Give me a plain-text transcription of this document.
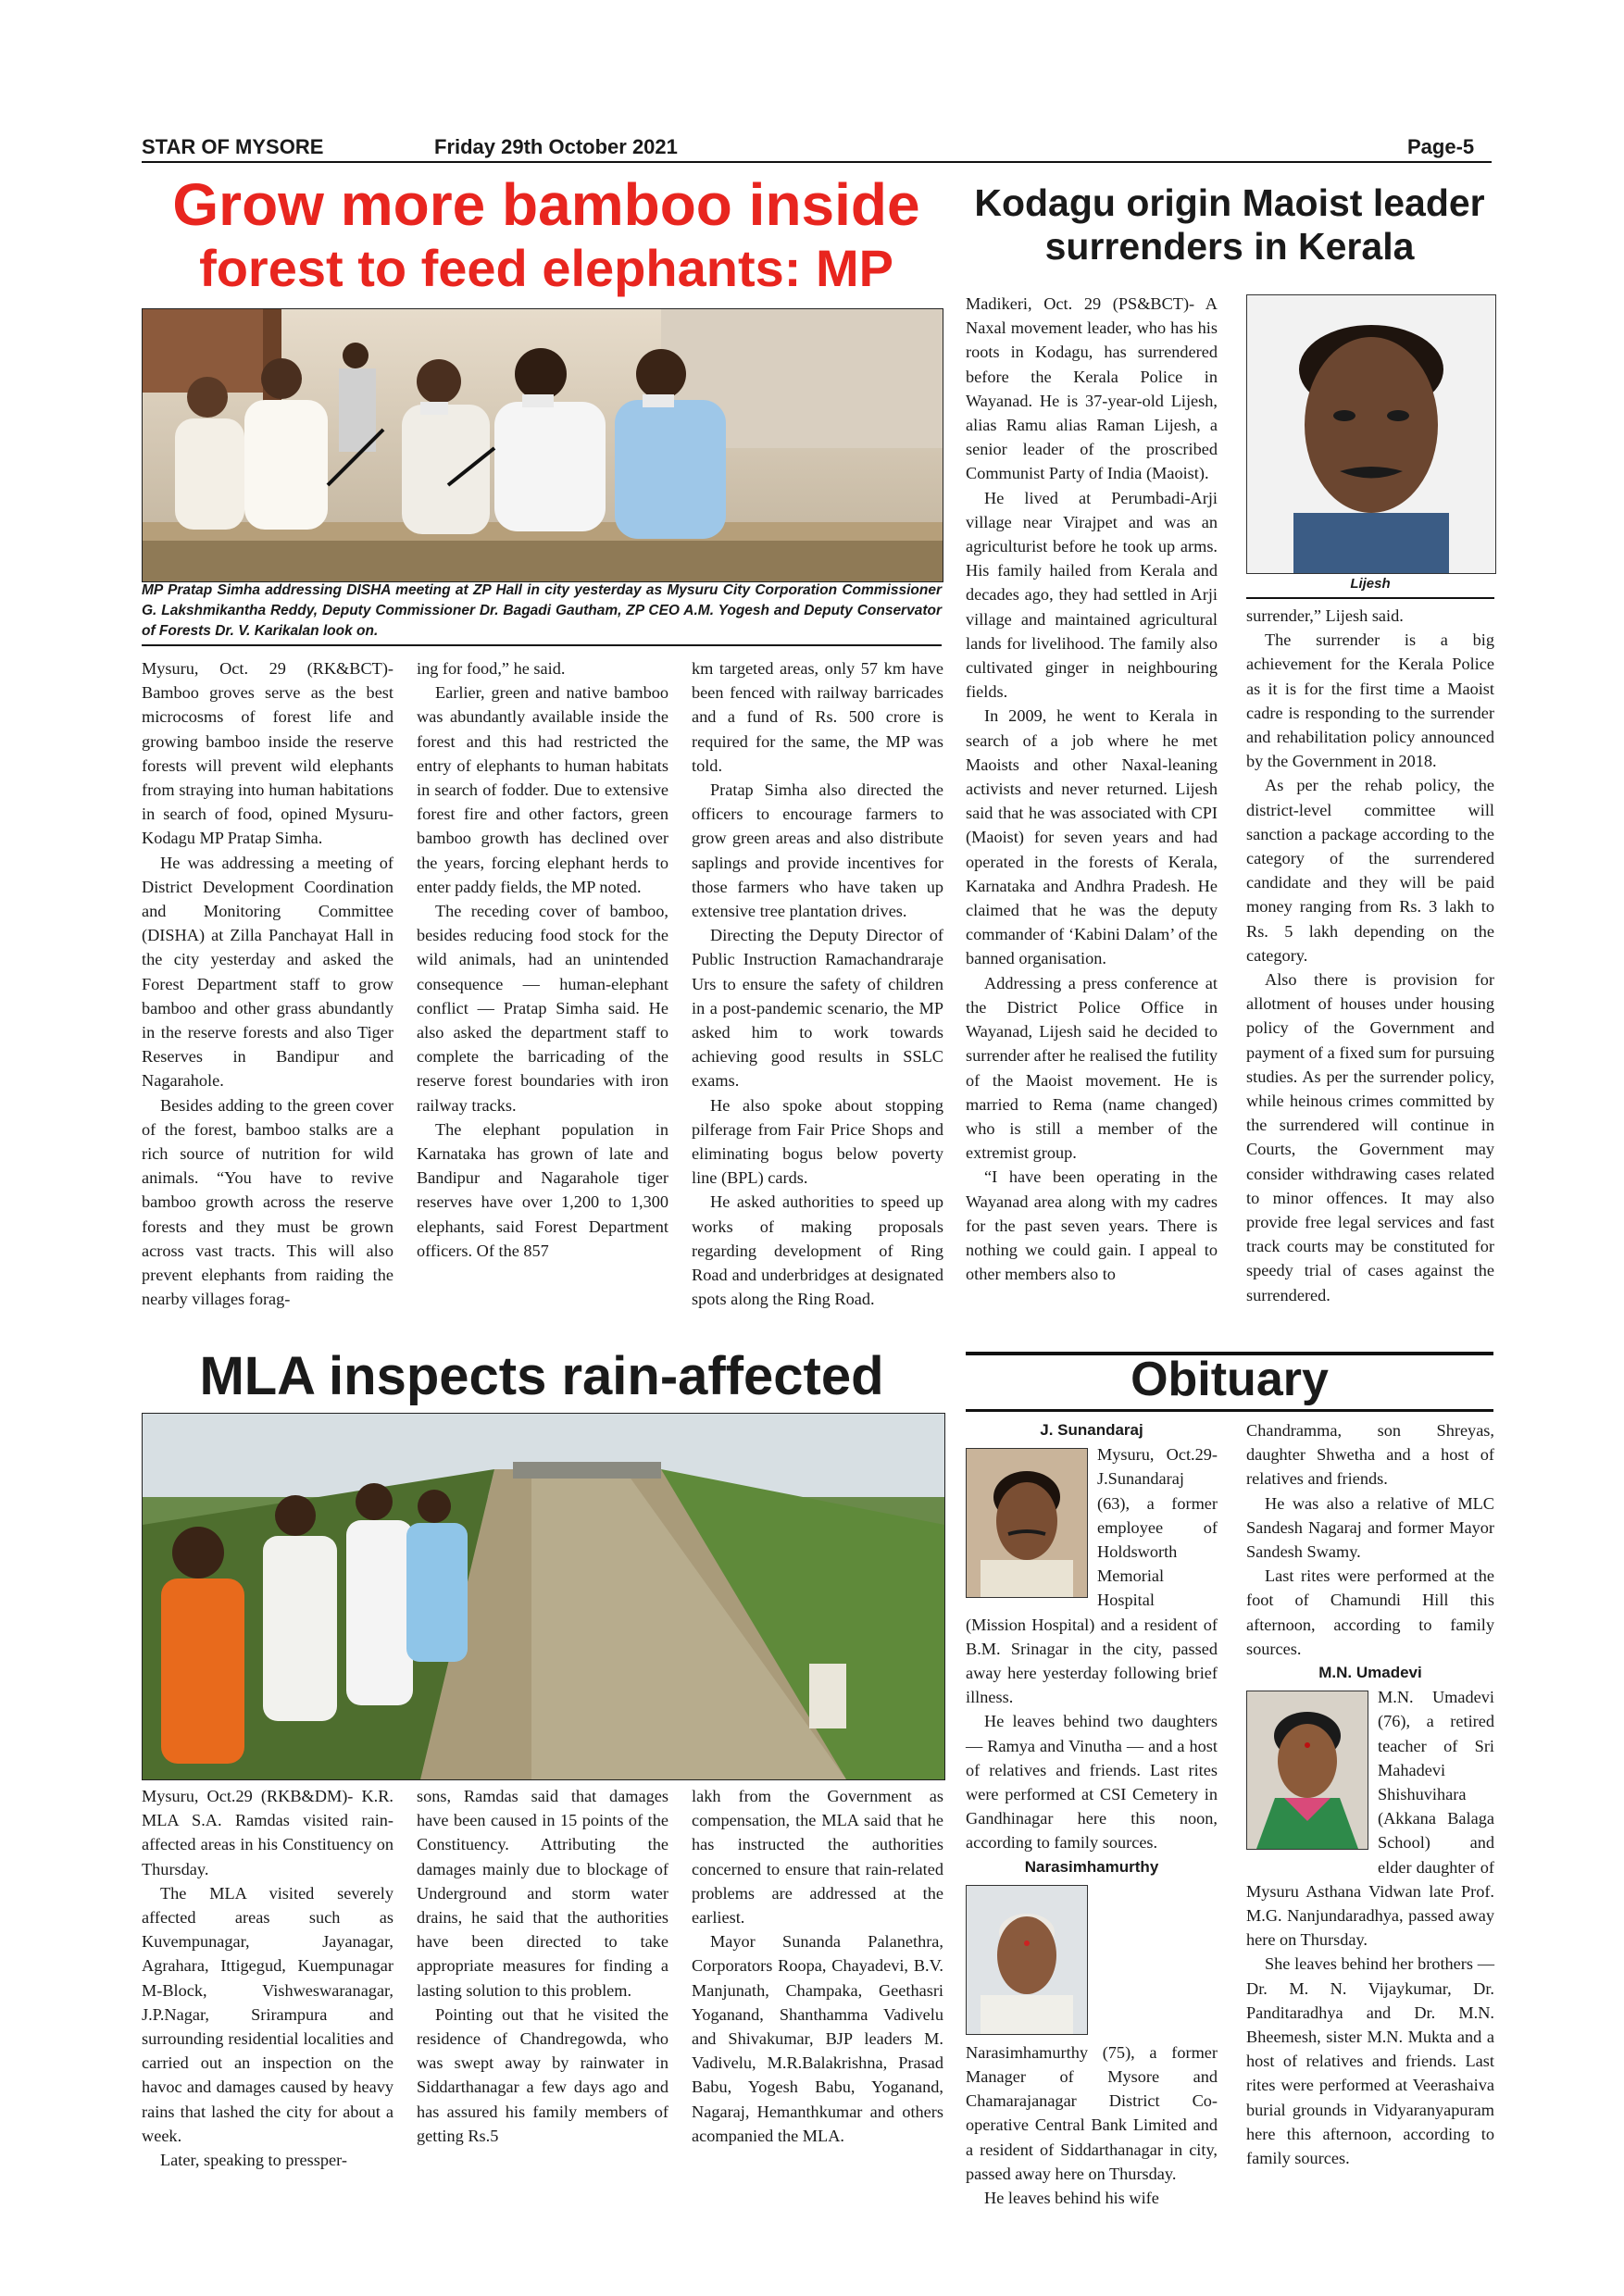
STAR OF MYSORE	Friday 29th October 2021	Page-5
Grow more bamboo inside
forest to feed elephants: MP
MP Pratap Simha addressing DISHA meeting at ZP Hall in city yesterday as Mysuru City Corporation Commissioner G. Lakshmikantha Reddy, Deputy Commissioner Dr. Bagadi Gautham, ZP CEO A.M. Yogesh and Deputy Conservator of Forests Dr. V. Karikalan look on.

Mysuru, Oct. 29 (RK&BCT)- Bamboo groves serve as the best microcosms of forest life and growing bamboo inside the reserve forests will prevent wild elephants from straying into human habitations in search of food, opined Mysuru-Kodagu MP Pratap Simha.

He was addressing a meeting of District Development Coordination and Monitoring Committee (DISHA) at Zilla Panchayat Hall in the city yesterday and asked the Forest Department staff to grow bamboo and other grass abundantly in the reserve forests and also Tiger Reserves in Bandipur and Nagarahole.

Besides adding to the green cover of the forest, bamboo stalks are a rich source of nutrition for wild animals. “You have to revive bamboo growth across the reserve forests and they must be grown across vast tracts. This will also prevent elephants from raiding the nearby villages forag-

ing for food,” he said.

Earlier, green and native bamboo was abundantly available inside the forest and this had restricted the entry of elephants to human habitats in search of fodder. Due to extensive forest fire and other factors, green bamboo growth has declined over the years, forcing elephant herds to enter paddy fields, the MP noted.

The receding cover of bamboo, besides reducing food stock for the wild animals, had an unintended consequence — human-elephant conflict — Pratap Simha said. He also asked the department staff to complete the barricading of the reserve forest boundaries with iron railway tracks.

The elephant population in Karnataka has grown of late and Bandipur and Nagarahole tiger reserves have over 1,200 to 1,300 elephants, said Forest Department officers. Of the 857

km targeted areas, only 57 km have been fenced with railway barricades and a fund of Rs. 500 crore is required for the same, the MP was told.

Pratap Simha also directed the officers to encourage farmers to grow green areas and also distribute saplings and provide incentives for those farmers who have taken up extensive tree plantation drives.

Directing the Deputy Director of Public Instruction Ramachandraraje Urs to ensure the safety of children in a post-pandemic scenario, the MP asked him to work towards achieving good results in SSLC exams.

He also spoke about stopping pilferage from Fair Price Shops and eliminating bogus below poverty line (BPL) cards.

He asked authorities to speed up works of making proposals regarding development of Ring Road and underbridges at designated spots along the Ring Road.

Kodagu origin Maoist leader surrenders in Kerala
Lijesh

Madikeri, Oct. 29 (PS&BCT)- A Naxal movement leader, who has his roots in Kodagu, has surrendered before the Kerala Police in Wayanad. He is 37-year-old Lijesh, alias Ramu alias Raman Lijesh, a senior leader of the proscribed Communist Party of India (Maoist).

He lived at Perumbadi-Arji village near Virajpet and was an agriculturist before he took up arms. His family hailed from Kerala and decades ago, they had settled in Arji village and maintained agricultural lands for livelihood. The family also cultivated ginger in neighbouring fields.

In 2009, he went to Kerala in search of a job where he met Maoists and other Naxal-leaning activists and never returned. Lijesh said that he was associated with CPI (Maoist) for seven years and had operated in the forests of Kerala, Karnataka and Andhra Pradesh. He claimed that he was the deputy commander of ‘Kabini Dalam’ of the banned organisation.

Addressing a press conference at the District Police Office in Wayanad, Lijesh said he decided to surrender after he realised the futility of the Maoist movement. He is married to Rema (name changed) who is still a member of the extremist group.

“I have been operating in the Wayanad area along with my cadres for the past seven years. There is nothing we could gain. I appeal to other members also to

surrender,” Lijesh said.

The surrender is a big achievement for the Kerala Police as it is for the first time a Maoist cadre is responding to the surrender and rehabilitation policy announced by the Government in 2018.

As per the rehab policy, the district-level committee will sanction a package according to the category of the surrendered candidate and they will be paid money ranging from Rs. 3 lakh to Rs. 5 lakh depending on the category.

Also there is provision for allotment of houses under housing policy of the Government and payment of a fixed sum for pursuing studies. As per the surrender policy, while heinous crimes committed by the surrendered will continue in Courts, the Government may consider withdrawing cases related to minor offences. It may also provide free legal services and fast track courts may be constituted for speedy trial of cases against the surrendered.

MLA inspects rain-affected

Mysuru, Oct.29 (RKB&DM)- K.R. MLA S.A. Ramdas visited rain-affected areas in his Constituency on Thursday.

The MLA visited severely affected areas such as Kuvempunagar, Jayanagar, Agrahara, Ittigegud, Kuempunagar M-Block, Vishweswaranagar, J.P.Nagar, Srirampura and surrounding residential localities and carried out an inspection on the havoc and damages caused by heavy rains that lashed the city for about a week.

Later, speaking to pressper-

sons, Ramdas said that damages have been caused in 15 points of the Constituency. Attributing the damages mainly due to blockage of Underground and storm water drains, he said that the authorities have been directed to take appropriate measures for finding a lasting solution to this problem.

Pointing out that he visited the residence of Chandregowda, who was swept away by rainwater in Siddarthanagar a few days ago and has assured his family members of getting Rs.5

lakh from the Government as compensation, the MLA said that he has instructed the authorities concerned to ensure that rain-related problems are addressed at the earliest.

Mayor Sunanda Palanethra, Corporators Roopa, Chayadevi, B.V. Manjunath, Champaka, Geethasri Yoganand, Shanthamma Vadivelu and Shivakumar, BJP leaders M. Vadivelu, M.R.Balakrishna, Prasad Babu, Yogesh Babu, Yoganand, Nagaraj, Hemanthkumar and others acompanied the MLA.

Obituary
J. Sunandaraj

Mysuru, Oct.29- J.Sunandaraj (63), a former employee of Holdsworth Memorial Hospital (Mission Hospital) and a resident of B.M. Srinagar in the city, passed away here yesterday following brief illness.

He leaves behind two daughters — Ramya and Vinutha — and a host of relatives and friends. Last rites were performed at CSI Cemetery in Gandhinagar here this noon, according to family sources.

Narasimhamurthy

Narasimhamurthy (75), a former Manager of Mysore and Chamarajanagar District Co-operative Central Bank Limited and a resident of Siddarthanagar in city, passed away here on Thursday.

He leaves behind his wife

Chandramma, son Shreyas, daughter Shwetha and a host of relatives and friends.

He was also a relative of MLC Sandesh Nagaraj and former Mayor Sandesh Swamy.

Last rites were performed at the foot of Chamundi Hill this afternoon, according to family sources.

M.N. Umadevi

M.N. Umadevi (76), a retired teacher of Sri Mahadevi Shishuvihara (Akkana Balaga School) and elder daughter of Mysuru Asthana Vidwan late Prof. M.G. Nanjundaradhya, passed away here on Thursday.

She leaves behind her brothers — Dr. M. N. Vijaykumar, Dr. Panditaradhya and Dr. M.N. Bheemesh, sister M.N. Mukta and a host of relatives and friends. Last rites were performed at Veerashaiva burial grounds in Vidyaranyapuram here this afternoon, according to family sources.
